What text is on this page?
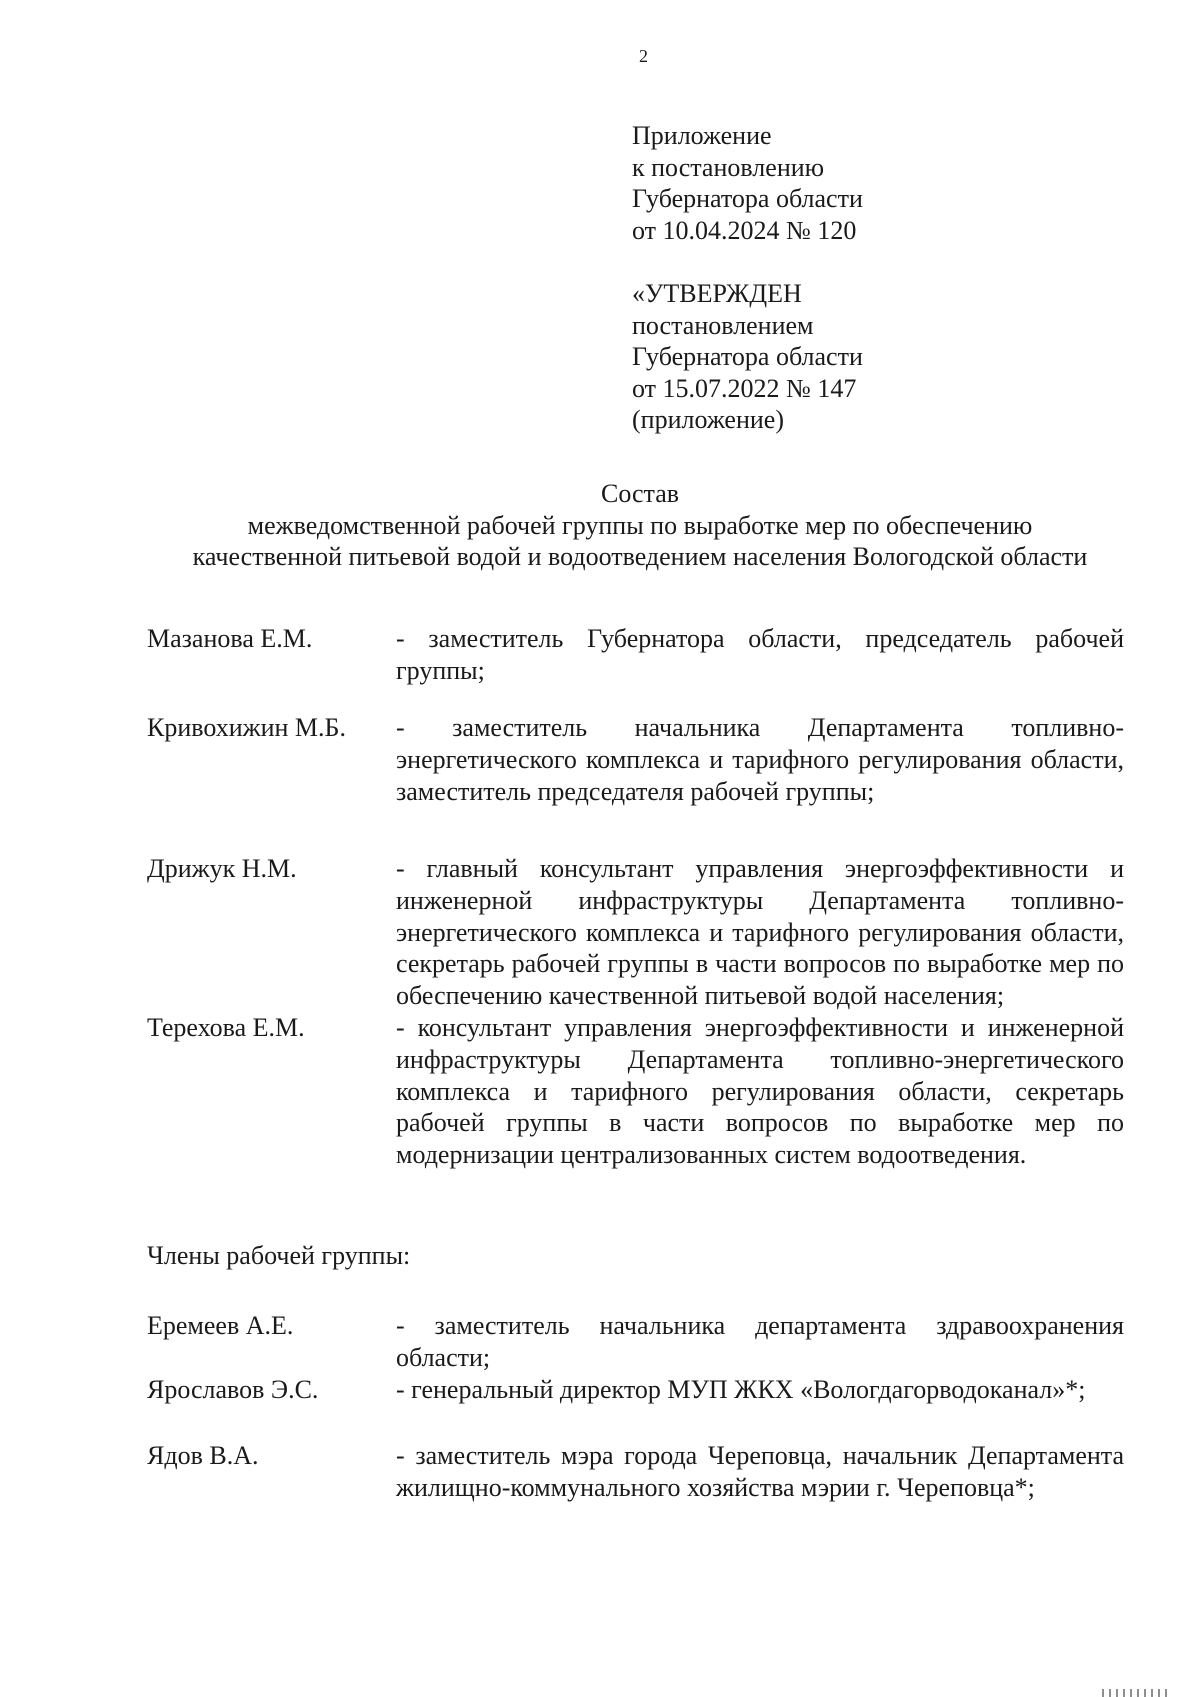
2
Приложение
к постановлению
Губернатора области
от 10.04.2024 № 120
«УТВЕРЖДЕН
постановлением
Губернатора области
от 15.07.2022 № 147
(приложение)
Состав
межведомственной рабочей группы по выработке мер по обеспечению
качественной питьевой водой и водоотведением населения Вологодской области
Мазанова Е.М.	- заместитель Губернатора области, председатель рабочей группы;
Кривохижин М.Б.	- заместитель начальника Департамента топливно-энергетического комплекса и тарифного регулирования области, заместитель председателя рабочей группы;
Дрижук Н.М.	- главный консультант управления энергоэффективности и инженерной инфраструктуры Департамента топливно-энергетического комплекса и тарифного регулирования области, секретарь рабочей группы в части вопросов по выработке мер по обеспечению качественной питьевой водой населения;
Терехова Е.М.	- консультант управления энергоэффективности и инженерной инфраструктуры Департамента топливно-энергетического комплекса и тарифного регулирования области, секретарь рабочей группы в части вопросов по выработке мер по модернизации централизованных систем водоотведения.
Члены рабочей группы:
Еремеев А.Е.	- заместитель начальника департамента здравоохранения области;
Ярославов Э.С.	- генеральный директор МУП ЖКХ «Вологдагорводоканал»*;
Ядов В.А.	- заместитель мэра города Череповца, начальник Департамента жилищно-коммунального хозяйства мэрии г. Череповца*;
